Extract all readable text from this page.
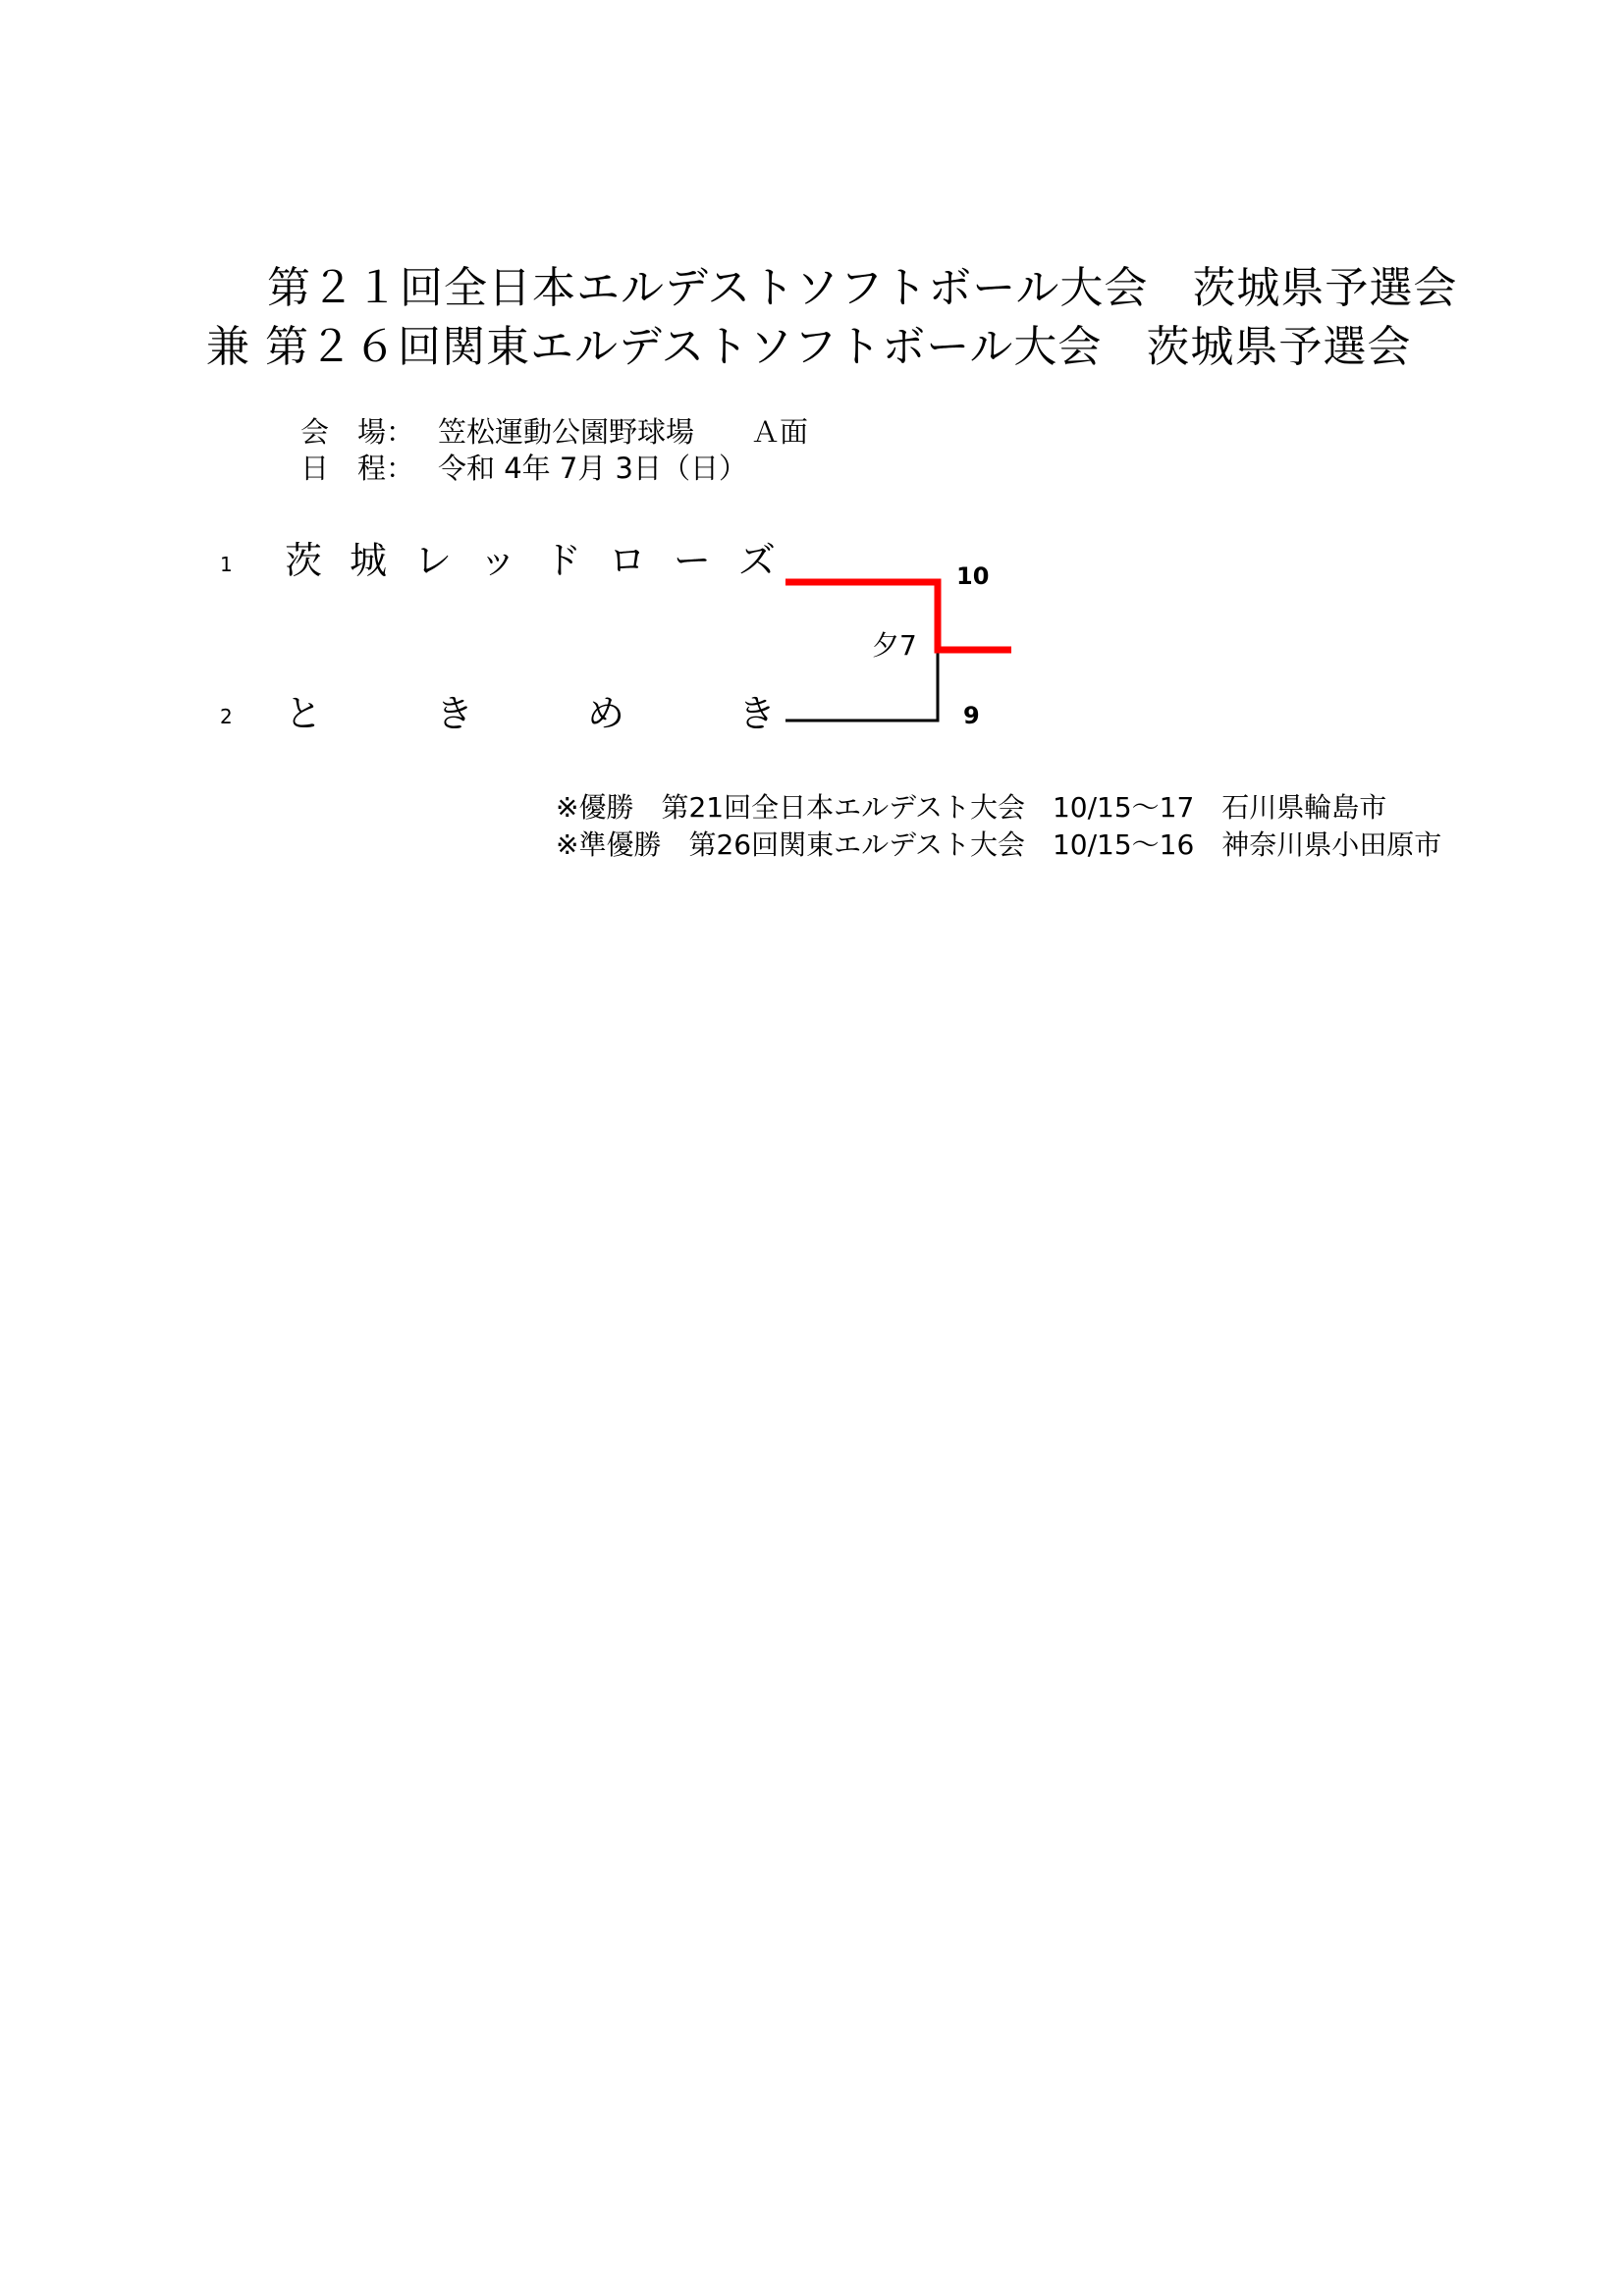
第２１回全日本エルデストソフトボール大会　茨城県予選会
兼 第２６回関東エルデストソフトボール大会　茨城県予選会
会　場： 笠松運動公園野球場　　Ａ面
日　程： 令和 4年 7月 3日（日）
1 茨 城 レ ッ ド ロ ー ズ
2 と	き	め	き
10
9
夕7
※優勝　第21回全日本エルデスト大会　10/15～17　石川県輪島市
※準優勝　第26回関東エルデスト大会　10/15～16　神奈川県小田原市
